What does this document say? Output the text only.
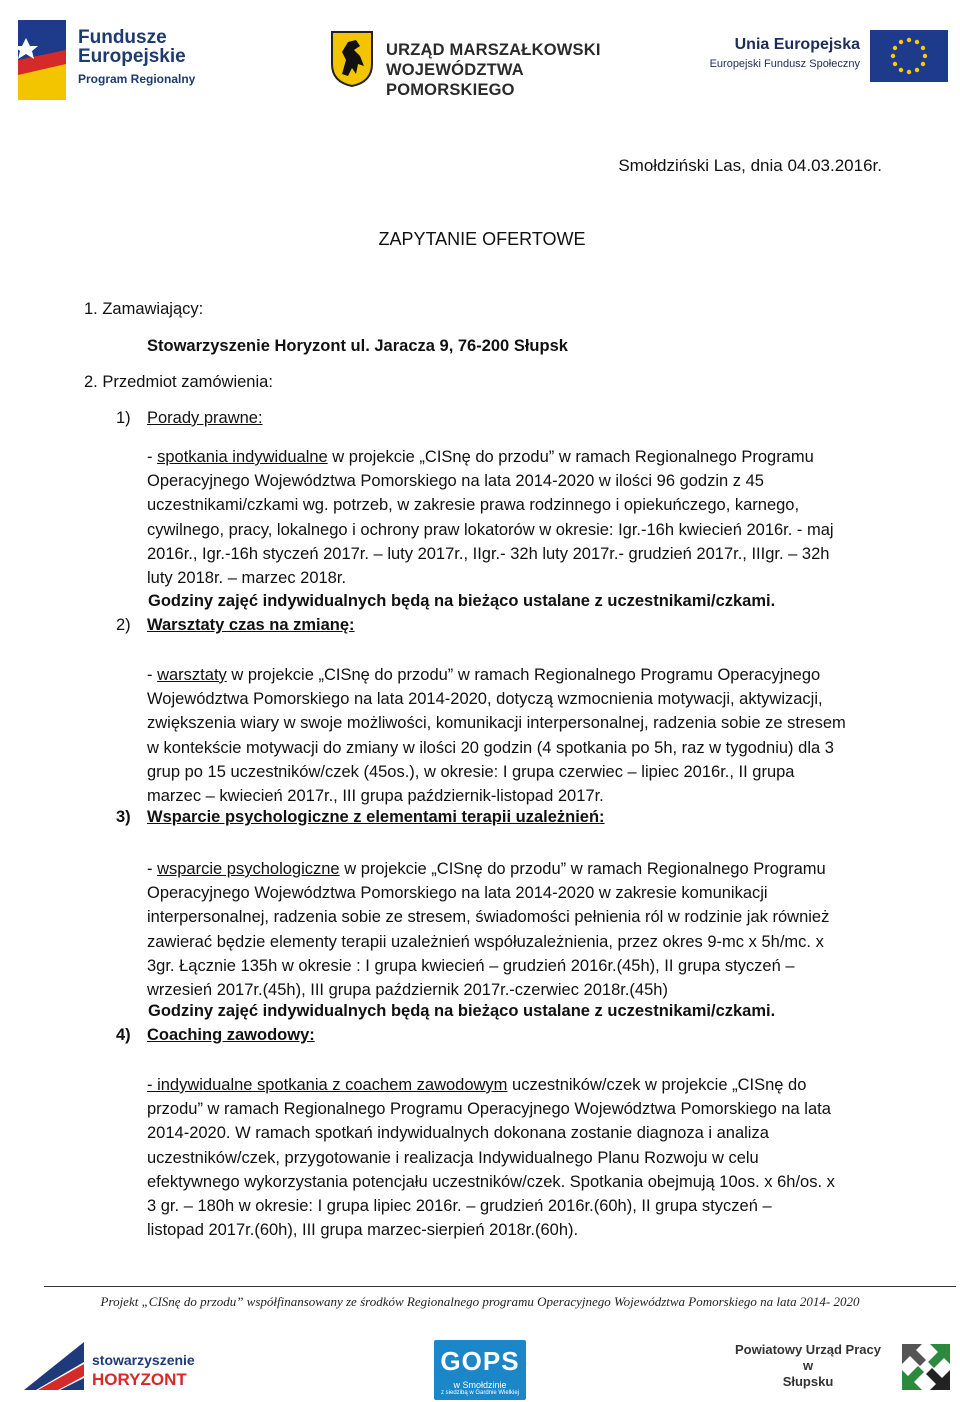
Fundusze
Europejskie
Program Regionalny
URZĄD MARSZAŁKOWSKI
WOJEWÓDZTWA POMORSKIEGO
Unia Europejska
Europejski Fundusz Społeczny
Smołdziński Las, dnia 04.03.2016r.
ZAPYTANIE OFERTOWE
1. Zamawiający:
Stowarzyszenie Horyzont ul. Jaracza 9, 76-200 Słupsk
2. Przedmiot zamówienia:
1) Porady prawne:
- spotkania indywidualne w projekcie „CISnę do przodu” w ramach Regionalnego Programu
Operacyjnego Województwa Pomorskiego na lata 2014-2020 w ilości 96 godzin z 45
uczestnikami/czkami wg. potrzeb, w zakresie prawa rodzinnego i opiekuńczego, karnego,
cywilnego, pracy, lokalnego i ochrony praw lokatorów w okresie: Igr.-16h kwiecień 2016r. - maj
2016r., Igr.-16h styczeń 2017r. – luty 2017r., IIgr.- 32h luty 2017r.- grudzień 2017r., IIIgr. – 32h
luty 2018r. – marzec 2018r.
Godziny zajęć indywidualnych będą na bieżąco ustalane z uczestnikami/czkami.
2) Warsztaty czas na zmianę:
- warsztaty w projekcie „CISnę do przodu” w ramach Regionalnego Programu Operacyjnego
Województwa Pomorskiego na lata 2014-2020, dotyczą wzmocnienia motywacji, aktywizacji,
zwiększenia wiary w swoje możliwości, komunikacji interpersonalnej, radzenia sobie ze stresem
w kontekście motywacji do zmiany w ilości 20 godzin (4 spotkania po 5h, raz w tygodniu) dla 3
grup po 15 uczestników/czek (45os.), w okresie: I grupa czerwiec – lipiec 2016r., II grupa
marzec – kwiecień 2017r., III grupa październik-listopad 2017r.
3) Wsparcie psychologiczne z elementami terapii uzależnień:
- wsparcie psychologiczne w projekcie „CISnę do przodu” w ramach Regionalnego Programu
Operacyjnego Województwa Pomorskiego na lata 2014-2020 w zakresie komunikacji
interpersonalnej, radzenia sobie ze stresem, świadomości pełnienia ról w rodzinie jak również
zawierać będzie elementy terapii uzależnień współuzależnienia, przez okres 9-mc x 5h/mc. x
3gr. Łącznie 135h w okresie : I grupa kwiecień – grudzień 2016r.(45h), II grupa styczeń –
wrzesień 2017r.(45h), III grupa październik 2017r.-czerwiec 2018r.(45h)
Godziny zajęć indywidualnych będą na bieżąco ustalane z uczestnikami/czkami.
4) Coaching zawodowy:
- indywidualne spotkania z coachem zawodowym uczestników/czek w projekcie „CISnę do
przodu” w ramach Regionalnego Programu Operacyjnego Województwa Pomorskiego na lata
2014-2020. W ramach spotkań indywidualnych dokonana zostanie diagnoza i analiza
uczestników/czek, przygotowanie i realizacja Indywidualnego Planu Rozwoju w celu
efektywnego wykorzystania potencjału uczestników/czek. Spotkania obejmują 10os. x 6h/os. x
3 gr. – 180h w okresie: I grupa lipiec 2016r. – grudzień 2016r.(60h), II grupa styczeń –
listopad 2017r.(60h), III grupa marzec-sierpień 2018r.(60h).
Projekt „CISnę do przodu” współfinansowany ze środków Regionalnego programu Operacyjnego Województwa Pomorskiego na lata 2014- 2020
stowarzyszenie
HORYZONT
GOPS
w Smołdzinie
z siedzibą w Gardnie Wielkiej
Powiatowy Urząd Pracy
w
Słupsku
